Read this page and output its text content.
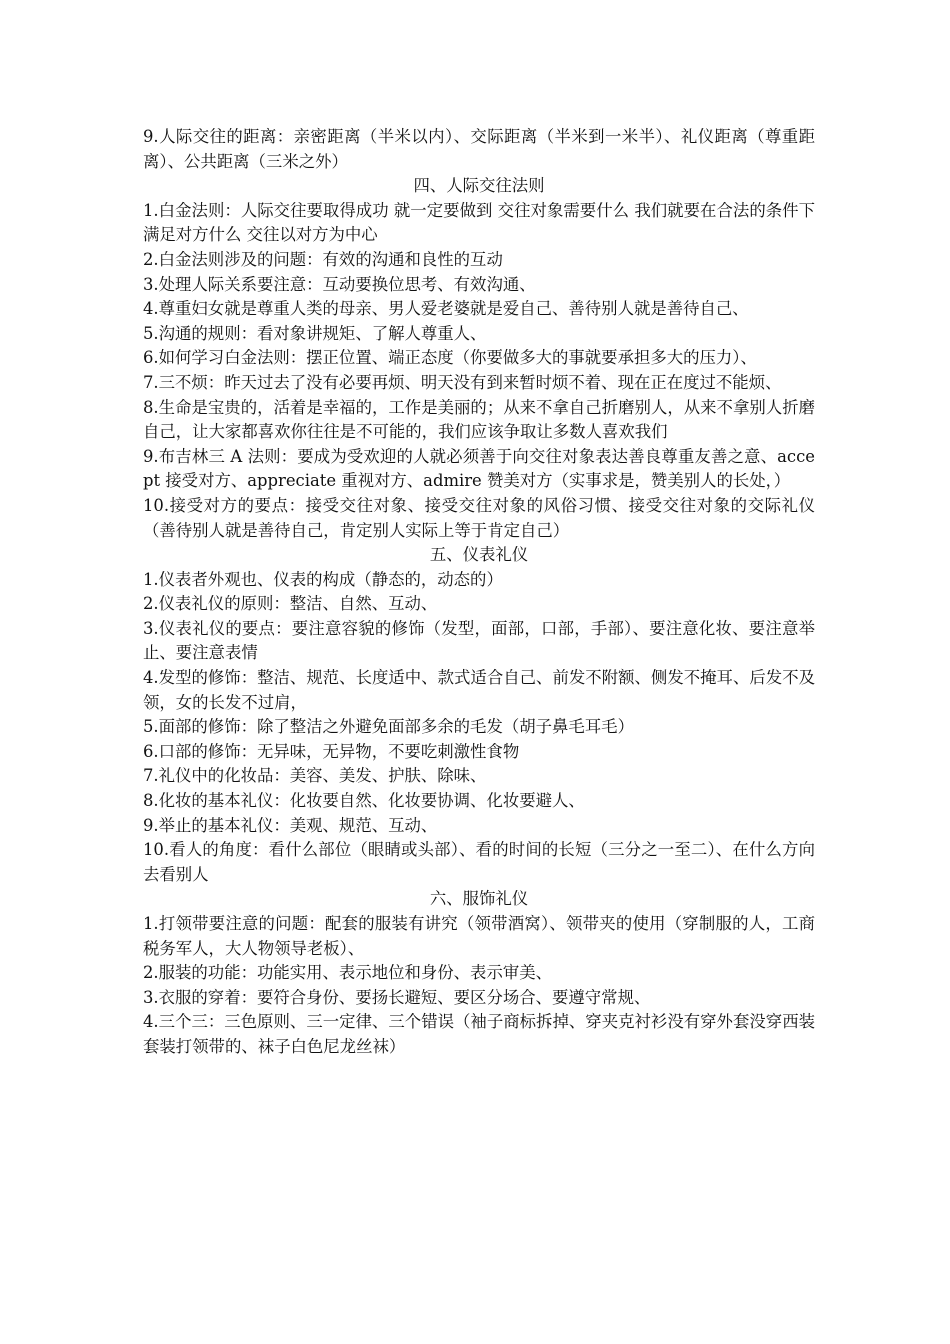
9.人际交往的距离：亲密距离（半米以内）、交际距离（半米到一米半）、礼仪距离（尊重距离）、公共距离（三米之外）
四、人际交往法则
1.白金法则：人际交往要取得成功 就一定要做到 交往对象需要什么 我们就要在合法的条件下满足对方什么 交往以对方为中心
2.白金法则涉及的问题：有效的沟通和良性的互动
3.处理人际关系要注意：互动要换位思考、有效沟通、
4.尊重妇女就是尊重人类的母亲、男人爱老婆就是爱自己、善待别人就是善待自己、
5.沟通的规则：看对象讲规矩、了解人尊重人、
6.如何学习白金法则：摆正位置、端正态度（你要做多大的事就要承担多大的压力）、
7.三不烦：昨天过去了没有必要再烦、明天没有到来暂时烦不着、现在正在度过不能烦、
8.生命是宝贵的，活着是幸福的，工作是美丽的；从来不拿自己折磨别人，从来不拿别人折磨自己，让大家都喜欢你往往是不可能的，我们应该争取让多数人喜欢我们
9.布吉林三 A 法则：要成为受欢迎的人就必须善于向交往对象表达善良尊重友善之意、accept 接受对方、appreciate 重视对方、admire 赞美对方（实事求是，赞美别人的长处，）
10.接受对方的要点：接受交往对象、接受交往对象的风俗习惯、接受交往对象的交际礼仪（善待别人就是善待自己，肯定别人实际上等于肯定自己）
五、仪表礼仪
1.仪表者外观也、仪表的构成（静态的，动态的）
2.仪表礼仪的原则：整洁、自然、互动、
3.仪表礼仪的要点：要注意容貌的修饰（发型，面部，口部，手部）、要注意化妆、要注意举止、要注意表情
4.发型的修饰：整洁、规范、长度适中、款式适合自己、前发不附额、侧发不掩耳、后发不及领，女的长发不过肩，
5.面部的修饰：除了整洁之外避免面部多余的毛发（胡子鼻毛耳毛）
6.口部的修饰：无异味，无异物，不要吃刺激性食物
7.礼仪中的化妆品：美容、美发、护肤、除味、
8.化妆的基本礼仪：化妆要自然、化妆要协调、化妆要避人、
9.举止的基本礼仪：美观、规范、互动、
10.看人的角度：看什么部位（眼睛或头部）、看的时间的长短（三分之一至二）、在什么方向去看别人
六、服饰礼仪
1.打领带要注意的问题：配套的服装有讲究（领带酒窝）、领带夹的使用（穿制服的人，工商税务军人，大人物领导老板）、
2.服装的功能：功能实用、表示地位和身份、表示审美、
3.衣服的穿着：要符合身份、要扬长避短、要区分场合、要遵守常规、
4.三个三：三色原则、三一定律、三个错误（袖子商标拆掉、穿夹克衬衫没有穿外套没穿西装套装打领带的、袜子白色尼龙丝袜）
